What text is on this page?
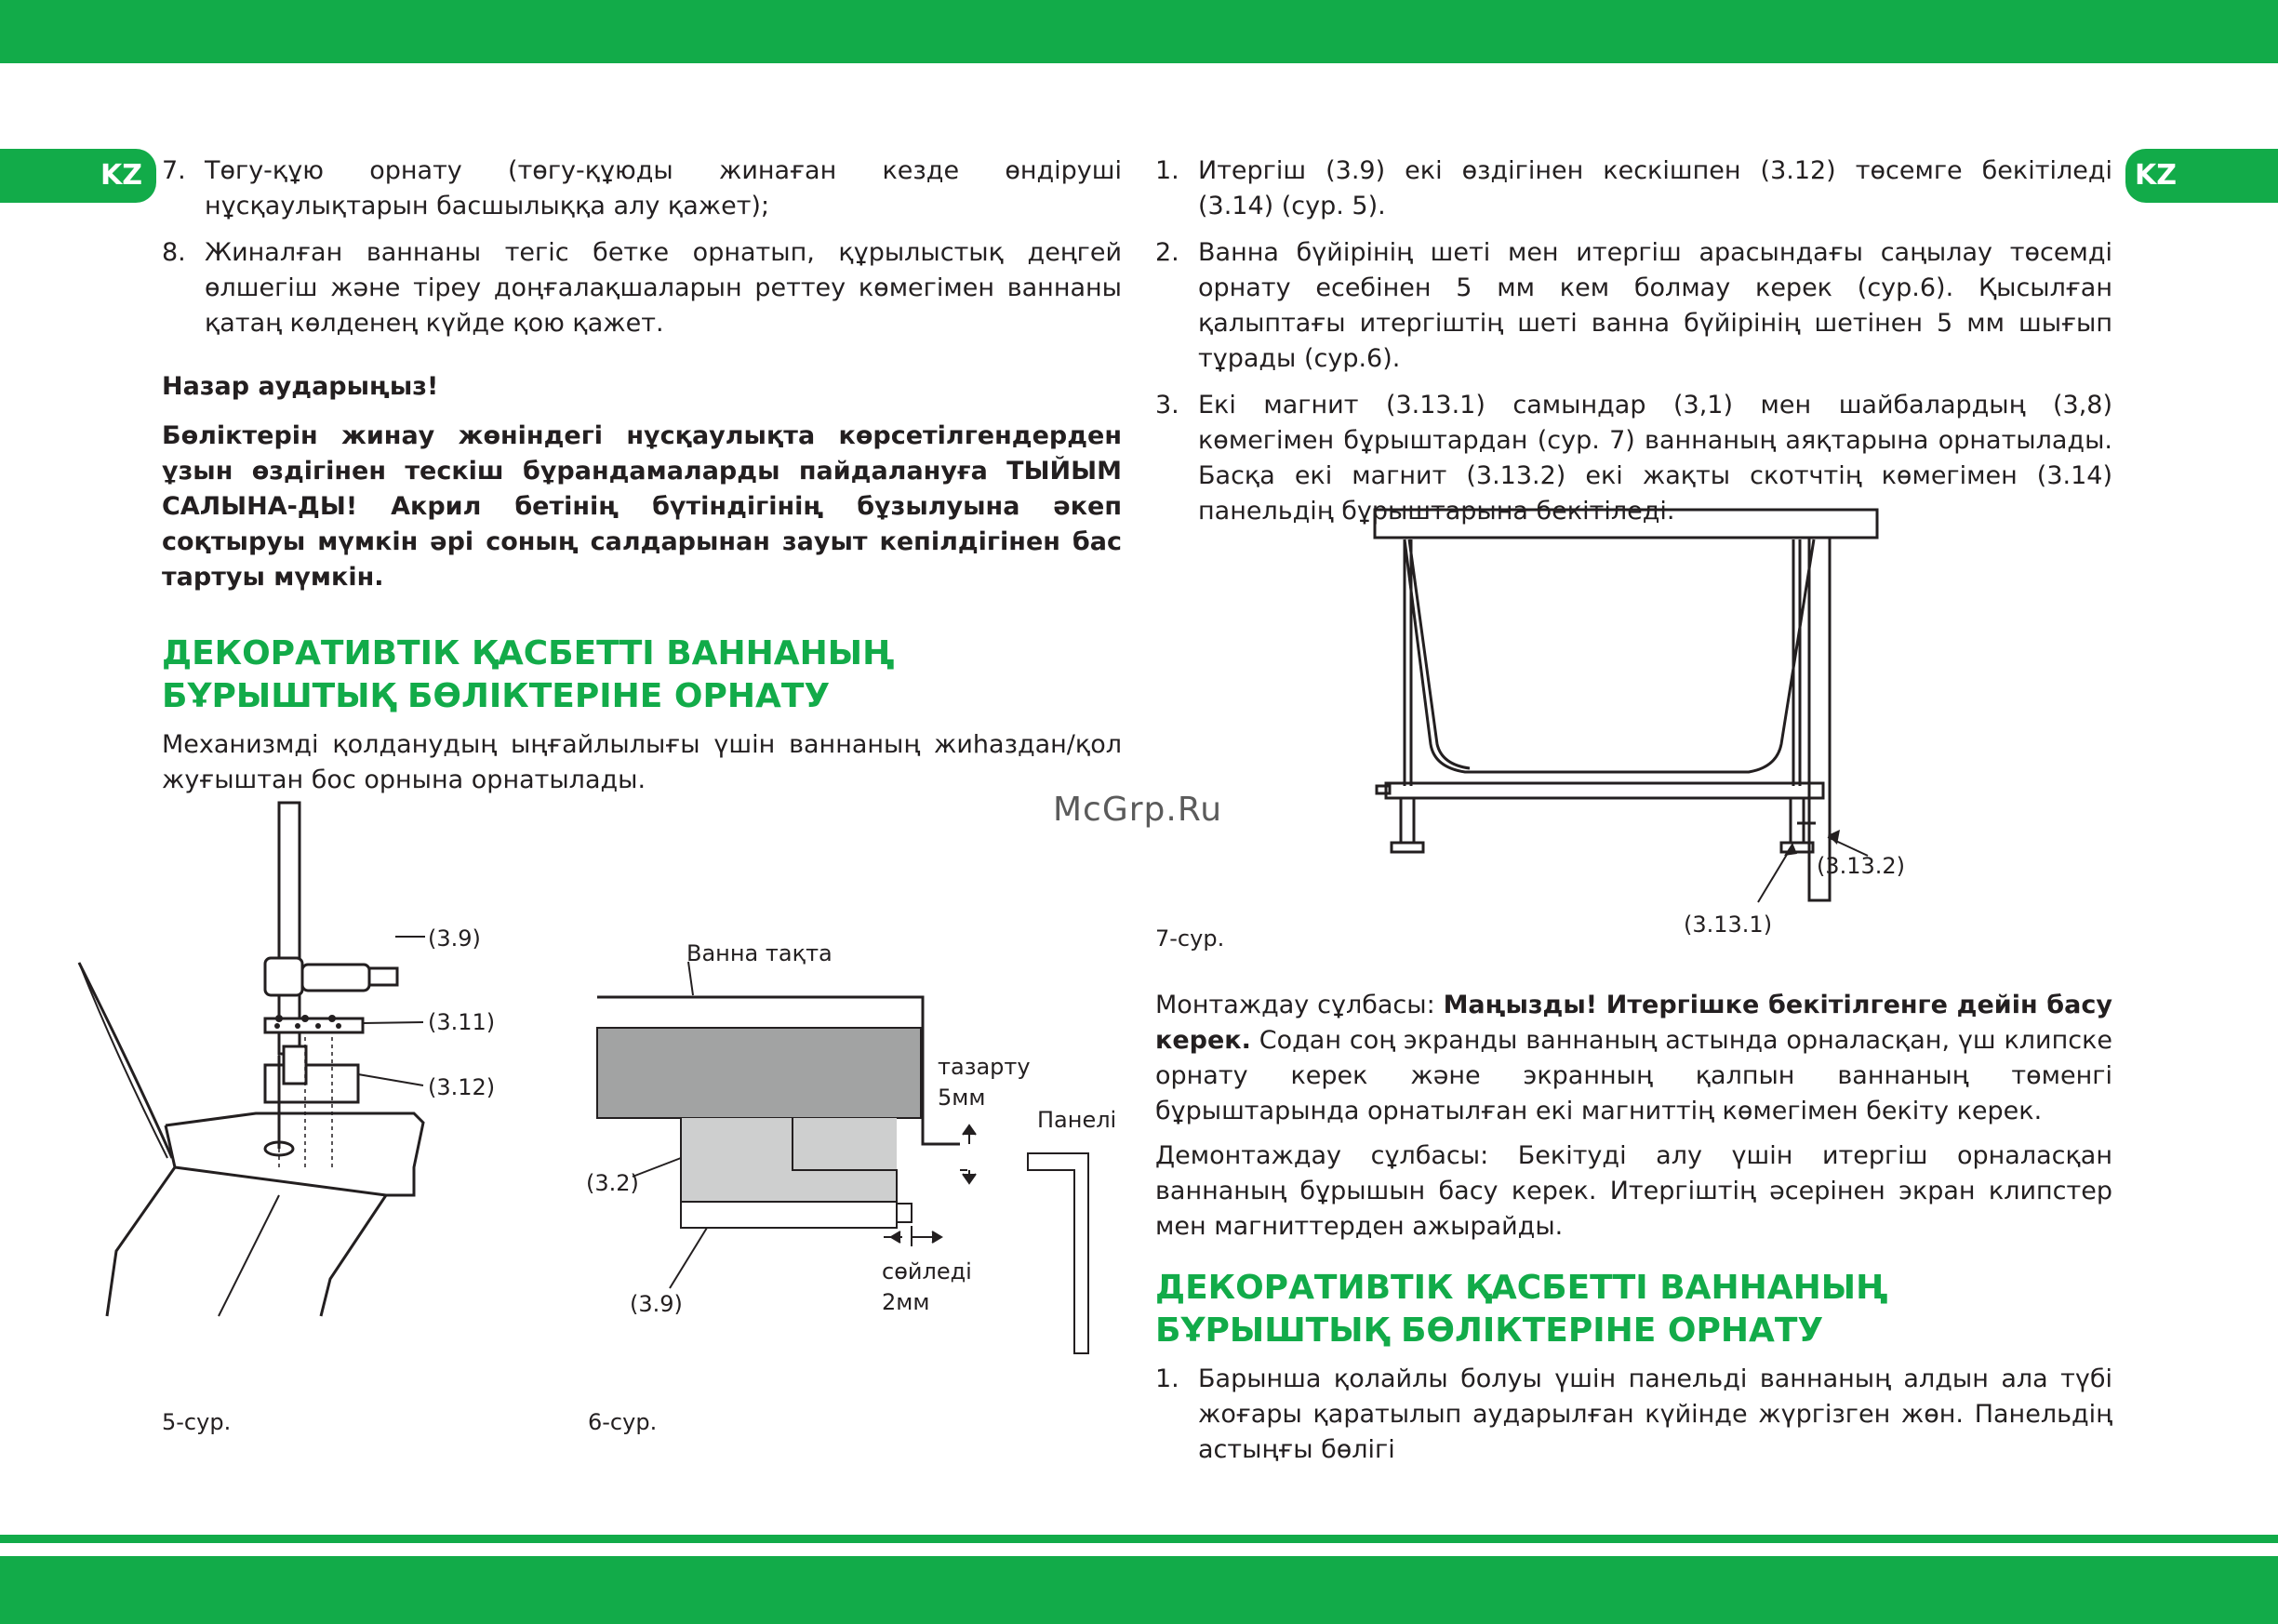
KZ	KZ
7. Төгу-құю орнату (төгу-құюды жинаған кезде өндіруші нұсқаулықтарын басшылыққа алу қажет);
8. Жиналған ваннаны тегіс бетке орнатып, құрылыстық деңгей өлшегіш және тіреу доңғалақшаларын реттеу көмегімен ваннаны қатаң көлденең күйде қою қажет.

Назар аударыңыз!

Бөліктерін жинау жөніндегі нұсқаулықта көрсетілгендерден ұзын өздігінен тескіш бұрандамаларды пайдалануға ТЫЙЫМ САЛЫНА-ДЫ! Акрил бетінің бүтіндігінің бұзылуына әкеп соқтыруы мүмкін әрі соның салдарынан зауыт кепілдігінен бас тартуы мүмкін.

ДЕКОРАТИВТІК ҚАСБЕТТІ ВАННАНЫҢ БҰРЫШТЫҚ БӨЛІКТЕРІНЕ ОРНАТУ

Механизмді қолданудың ыңғайлылығы үшін ваннаның жиһаздан/қол жуғыштан бос орнына орнатылады.

(3.9)
(3.11)
(3.12)
Ванна тақта
тазарту
5мм
Панелі
(3.2)
(3.9)
сөйледі
2мм
5-сур.	6-сур.
McGrp.Ru
1. Итергіш (3.9) екі өздігінен кескішпен (3.12) төсемге бекітіледі (3.14) (сур. 5).
2. Ванна бүйірінің шеті мен итергіш арасындағы саңылау төсемді орнату есебінен 5 мм кем болмау керек (сур.6). Қысылған қалыптағы итергіштің шеті ванна бүйірінің шетінен 5 мм шығып тұрады (сур.6).
3. Екі магнит (3.13.1) самындар (3,1) мен шайбалардың (3,8) көмегімен бұрыштардан (сур. 7) ваннаның аяқтарына орнатылады. Басқа екі магнит (3.13.2) екі жақты скотчтің көмегімен (3.14) панельдің бұрыштарына бекітіледі.
(3.13.2)
(3.13.1)
7-сур.

Монтаждау сұлбасы: Маңызды! Итергішке бекітілгенге дейін басу керек. Содан соң экранды ваннаның астында орналасқан, үш клипске орнату керек және экранның қалпын ваннаның төменгі бұрыштарында орнатылған екі магниттің көмегімен бекіту керек.

Демонтаждау сұлбасы: Бекітуді алу үшін итергіш орналасқан ваннаның бұрышын басу керек. Итергіштің әсерінен экран клипстер мен магниттерден ажырайды.

ДЕКОРАТИВТІК ҚАСБЕТТІ ВАННАНЫҢ БҰРЫШТЫҚ БӨЛІКТЕРІНЕ ОРНАТУ
1. Барынша қолайлы болуы үшін панельді ваннаның алдын ала түбі жоғары қаратылып аударылған күйінде жүргізген жөн. Панельдің астыңғы бөлігі
